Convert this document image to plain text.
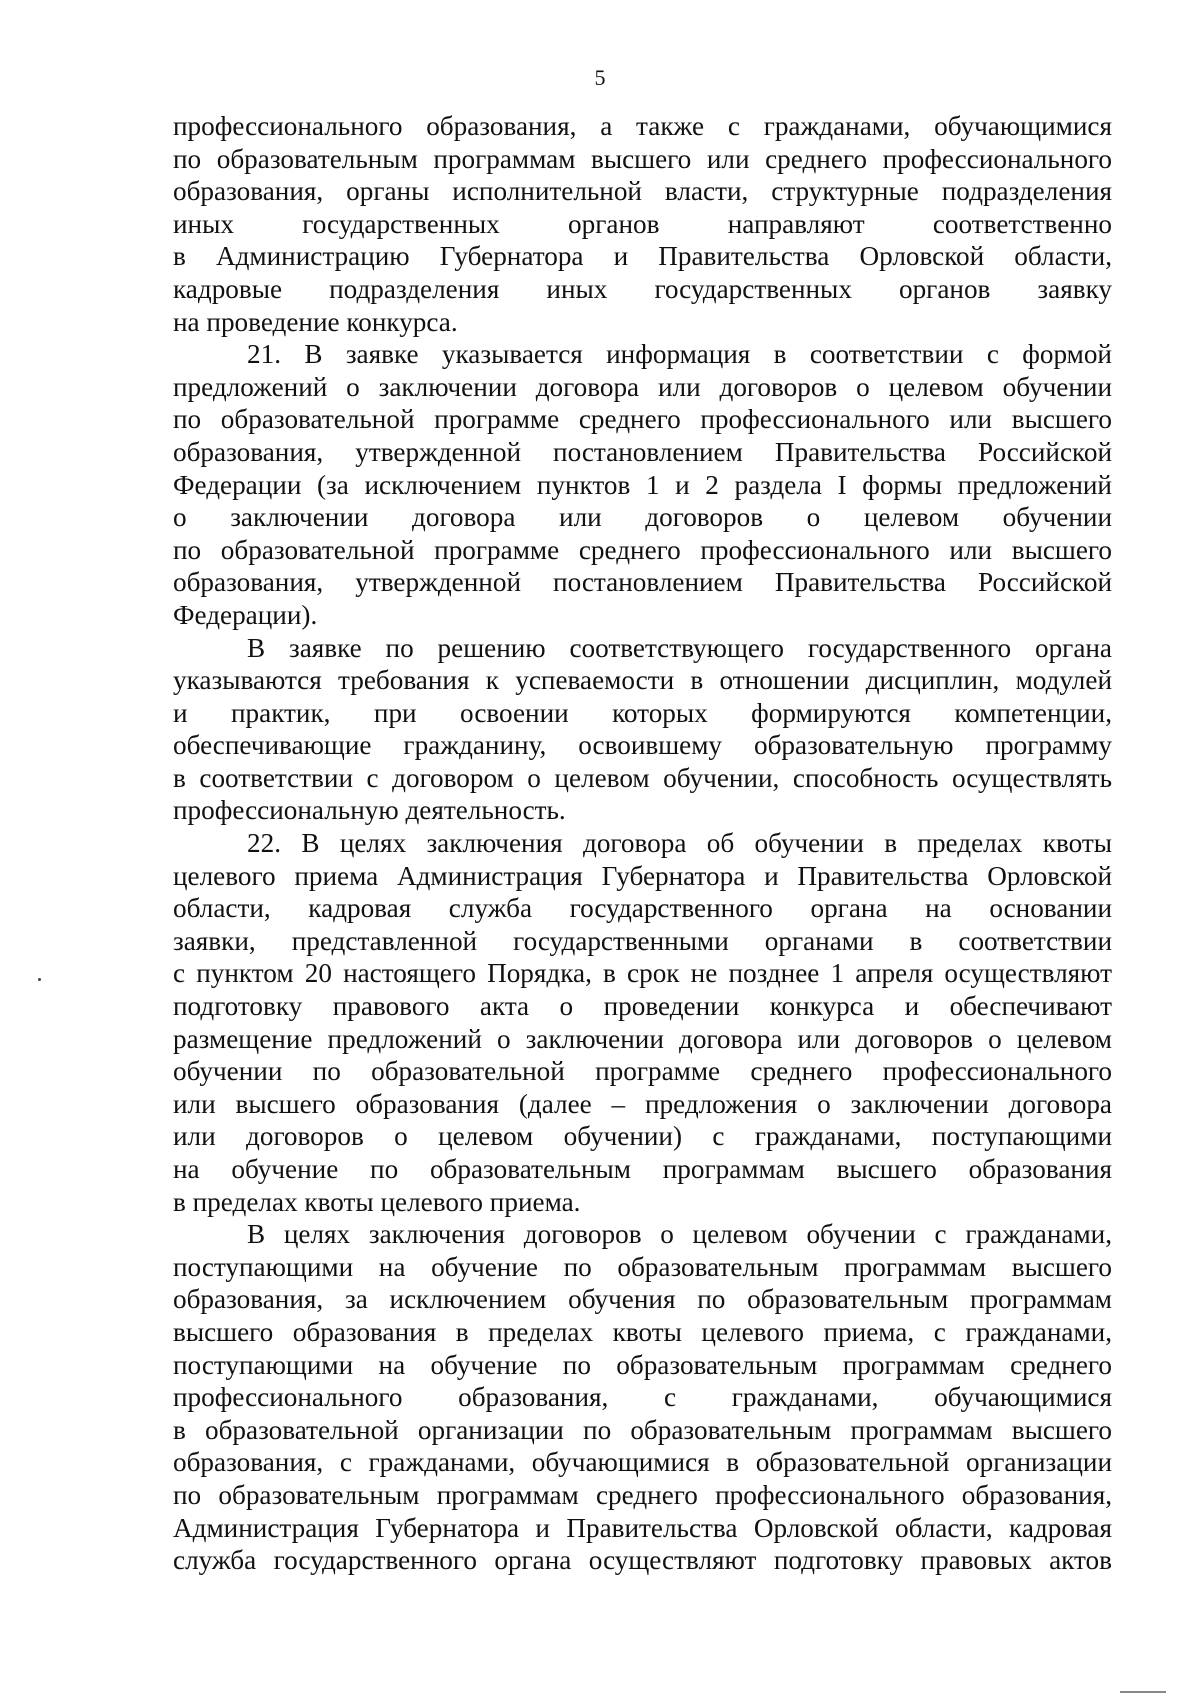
5
профессионального образования, а также с гражданами, обучающимися
по образовательным программам высшего или среднего профессионального
образования, органы исполнительной власти, структурные подразделения
иных государственных органов направляют соответственно
в Администрацию Губернатора и Правительства Орловской области,
кадровые подразделения иных государственных органов заявку
на проведение конкурса.
21. В заявке указывается информация в соответствии с формой
предложений о заключении договора или договоров о целевом обучении
по образовательной программе среднего профессионального или высшего
образования, утвержденной постановлением Правительства Российской
Федерации (за исключением пунктов 1 и 2 раздела I формы предложений
о заключении договора или договоров о целевом обучении
по образовательной программе среднего профессионального или высшего
образования, утвержденной постановлением Правительства Российской
Федерации).
В заявке по решению соответствующего государственного органа
указываются требования к успеваемости в отношении дисциплин, модулей
и практик, при освоении которых формируются компетенции,
обеспечивающие гражданину, освоившему образовательную программу
в соответствии с договором о целевом обучении, способность осуществлять
профессиональную деятельность.
22. В целях заключения договора об обучении в пределах квоты
целевого приема Администрация Губернатора и Правительства Орловской
области, кадровая служба государственного органа на основании
заявки, представленной государственными органами в соответствии
с пунктом 20 настоящего Порядка, в срок не позднее 1 апреля осуществляют
подготовку правового акта о проведении конкурса и обеспечивают
размещение предложений о заключении договора или договоров о целевом
обучении по образовательной программе среднего профессионального
или высшего образования (далее – предложения о заключении договора
или договоров о целевом обучении) с гражданами, поступающими
на обучение по образовательным программам высшего образования
в пределах квоты целевого приема.
В целях заключения договоров о целевом обучении с гражданами,
поступающими на обучение по образовательным программам высшего
образования, за исключением обучения по образовательным программам
высшего образования в пределах квоты целевого приема, с гражданами,
поступающими на обучение по образовательным программам среднего
профессионального образования, с гражданами, обучающимися
в образовательной организации по образовательным программам высшего
образования, с гражданами, обучающимися в образовательной организации
по образовательным программам среднего профессионального образования,
Администрация Губернатора и Правительства Орловской области, кадровая
служба государственного органа осуществляют подготовку правовых актов
